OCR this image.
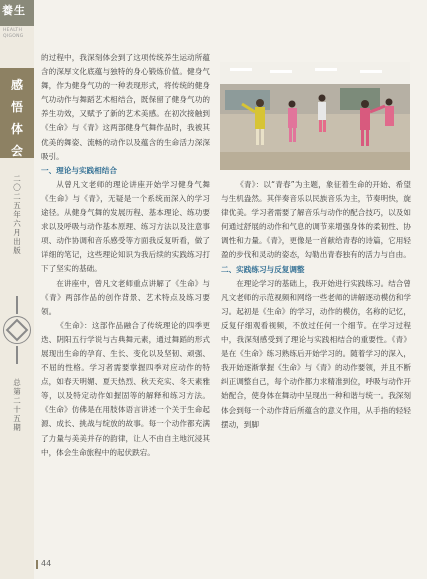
養生
HEALTH
QIGONG
感悟体会
二〇二五年六月出版
总第二十五期

的过程中，我深刻体会到了这项传统养生运动所蕴含的深厚文化底蕴与独特的身心锻炼价值。健身气舞，作为健身气功的一种表现形式，将传统的健身气功动作与舞蹈艺术相结合，既保留了健身气功的养生功效，又赋予了新的艺术美感。在初次接触到《生命》与《青》这两部健身气舞作品时，我被其优美的舞姿、流畅的动作以及蕴含的生命活力深深吸引。

一、理论与实践相结合

从曾凡文老师的理论讲座开始学习健身气舞《生命》与《青》，无疑是一个系统而深入的学习途径。从健身气舞的发展历程、基本理论、练功要求以及呼吸与动作基本原理、练习方法以及注意事项、动作协调和音乐感受等方面我反复听看，做了详细的笔记，这些理论知识为我后续的实践练习打下了坚实的基础。

在讲座中，曾凡文老师重点讲解了《生命》与《青》两部作品的创作背景、艺术特点及练习要领。

《生命》：这部作品融合了传统理论的四季更迭、阴阳五行学说与古典舞元素，通过舞蹈的形式展现出生命的孕育、生长、变化以及坚韧、顽强、不屈的性格。学习者需要掌握四季对应动作的特点，如春天明媚、夏天热烈、秋天充实、冬天素雅等，以及特定动作如握固等的解释和练习方法。《生命》仿佛是在用肢体语言讲述一个关于生命起源、成长、挑战与绽放的故事。每一个动作都充满了力量与美美并存的韵律，让人不由自主地沉浸其中，体会生命旅程中的起伏跌宕。

《青》：以“青春”为主题，象征着生命的开始、希望与生机盎然。其伴奏音乐以民族音乐为主，节奏明快，旋律优美。学习者需要了解音乐与动作的配合技巧，以及如何通过舒展的动作和气息的调节来增强身体的柔韧性、协调性和力量。《青》，更像是一首献给青春的诗篇，它用轻盈的步伐和灵动的姿态，勾勒出青春独有的活力与自由。

二、实践练习与反复调整

在理论学习的基础上，我开始进行实践练习。结合曾凡文老师的示范视频和网络一些老师的讲解逐动模仿和学习。起初是《生命》的学习，动作的模仿，名称的记忆，反复仔细观看视频，不放过任何一个细节。在学习过程中，我深刻感受到了理论与实践相结合的重要性。《青》是在《生命》练习熟练后开始学习的。随着学习的深入，我开始逐渐掌握《生命》与《青》的动作要领，并且不断纠正调整自己，每个动作都力求精准到位，呼吸与动作开始配合，使身体在舞动中呈现出一种和谐与统一。我深刻体会到每一个动作背后所蕴含的意义作用，从手指的轻轻摆动，到脚

44
